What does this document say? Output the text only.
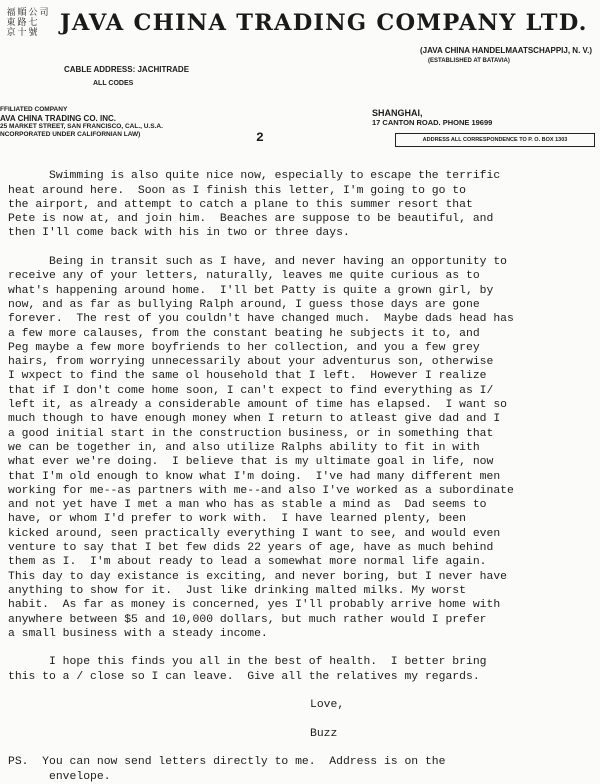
福
東
京
順
路
十
公
七
號
司 JAVA CHINA TRADING COMPANY LTD.
(JAVA CHINA HANDELMAATSCHAPPIJ, N. V.)
(ESTABLISHED AT BATAVIA)
CABLE ADDRESS: JACHITRADE
ALL CODES
FFILIATED COMPANY
AVA CHINA TRADING CO. INC.
25 MARKET STREET, SAN FRANCISCO, CAL., U.S.A.
NCORPORATED UNDER CALIFORNIAN LAW)
SHANGHAI,
17 CANTON ROAD. PHONE 19699
ADDRESS ALL CORRESPONDENCE TO P. O. BOX 1303
2
Swimming is also quite nice now, especially to escape the terrific
heat around here.  Soon as I finish this letter, I'm going to go to
the airport, and attempt to catch a plane to this summer resort that
Pete is now at, and join him.  Beaches are suppose to be beautiful, and
then I'll come back with his in two or three days.
Being in transit such as I have, and never having an opportunity to
receive any of your letters, naturally, leaves me quite curious as to
what's happening around home.  I'll bet Patty is quite a grown girl, by
now, and as far as bullying Ralph around, I guess those days are gone
forever.  The rest of you couldn't have changed much.  Maybe dads head has
a few more calauses, from the constant beating he subjects it to, and
Peg maybe a few more boyfriends to her collection, and you a few grey
hairs, from worrying unnecessarily about your adventurus son, otherwise
I wxpect to find the same ol household that I left.  However I realize
that if I don't come home soon, I can't expect to find everything as I/
left it, as already a considerable amount of time has elapsed.  I want so
much though to have enough money when I return to atleast give dad and I
a good initial start in the construction business, or in something that
we can be together in, and also utilize Ralphs ability to fit in with
what ever we're doing.  I believe that is my ultimate goal in life, now
that I'm old enough to know what I'm doing.  I've had many different men
working for me--as partners with me--and also I've worked as a subordinate
and not yet have I met a man who has as stable a mind as  Dad seems to
have, or whom I'd prefer to work with.  I have learned plenty, been
kicked around, seen practically everything I want to see, and would even
venture to say that I bet few dids 22 years of age, have as much behind
them as I.  I'm about ready to lead a somewhat more normal life again.
This day to day existance is exciting, and never boring, but I never have
anything to show for it.  Just like drinking malted milks. My worst
habit.  As far as money is concerned, yes I'll probably arrive home with
anywhere between $5 and 10,000 dollars, but much rather would I prefer
a small business with a steady income.
I hope this finds you all in the best of health.  I better bring
this to a / close so I can leave.  Give all the relatives my regards.
Love,
Buzz
PS.  You can now send letters directly to me.  Address is on the
envelope.
